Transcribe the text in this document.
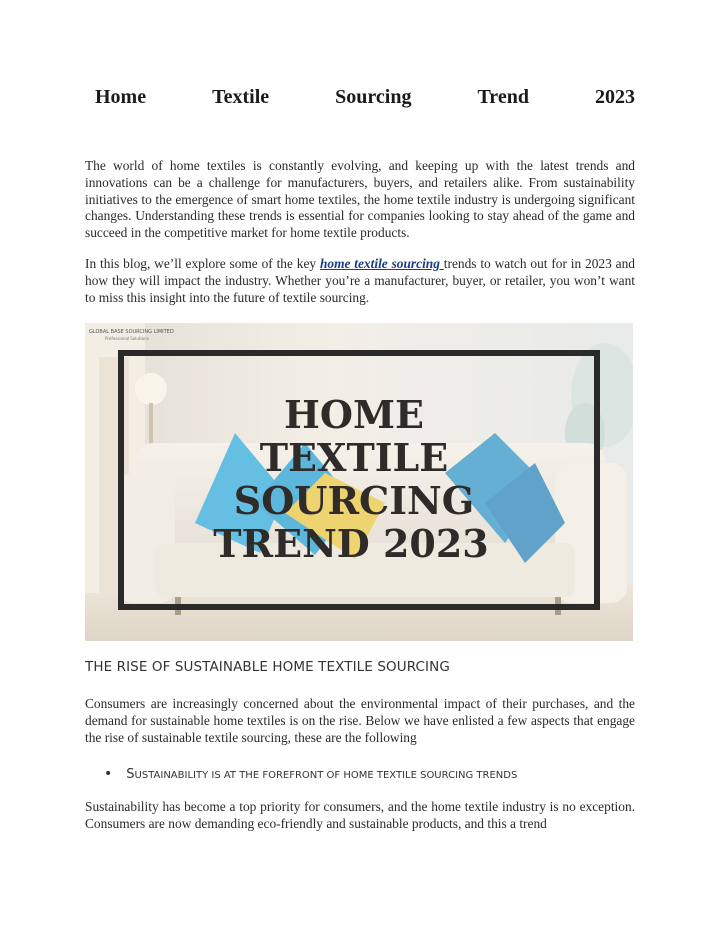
Home	Textile	Sourcing	Trend	2023

The world of home textiles is constantly evolving, and keeping up with the latest trends and innovations can be a challenge for manufacturers, buyers, and retailers alike. From sustainability initiatives to the emergence of smart home textiles, the home textile industry is undergoing significant changes. Understanding these trends is essential for companies looking to stay ahead of the game and succeed in the competitive market for home textile products.

In this blog, we’ll explore some of the key home textile sourcing trends to watch out for in 2023 and how they will impact the industry. Whether you’re a manufacturer, buyer, or retailer, you won’t want to miss this insight into the future of textile sourcing.

GLOBAL BASE SOURCING LIMITED
Professional Solutions
HOME
TEXTILE
SOURCING
TREND 2023
THE RISE OF SUSTAINABLE HOME TEXTILE SOURCING

Consumers are increasingly concerned about the environmental impact of their purchases, and the demand for sustainable home textiles is on the rise. Below we have enlisted a few aspects that engage the rise of sustainable textile sourcing, these are the following

• S USTAINABILITY IS AT THE FOREFRONT OF HOME TEXTILE SOURCING TRENDS

Sustainability has become a top priority for consumers, and the home textile industry is no exception. Consumers are now demanding eco-friendly and sustainable products, and this a trend
